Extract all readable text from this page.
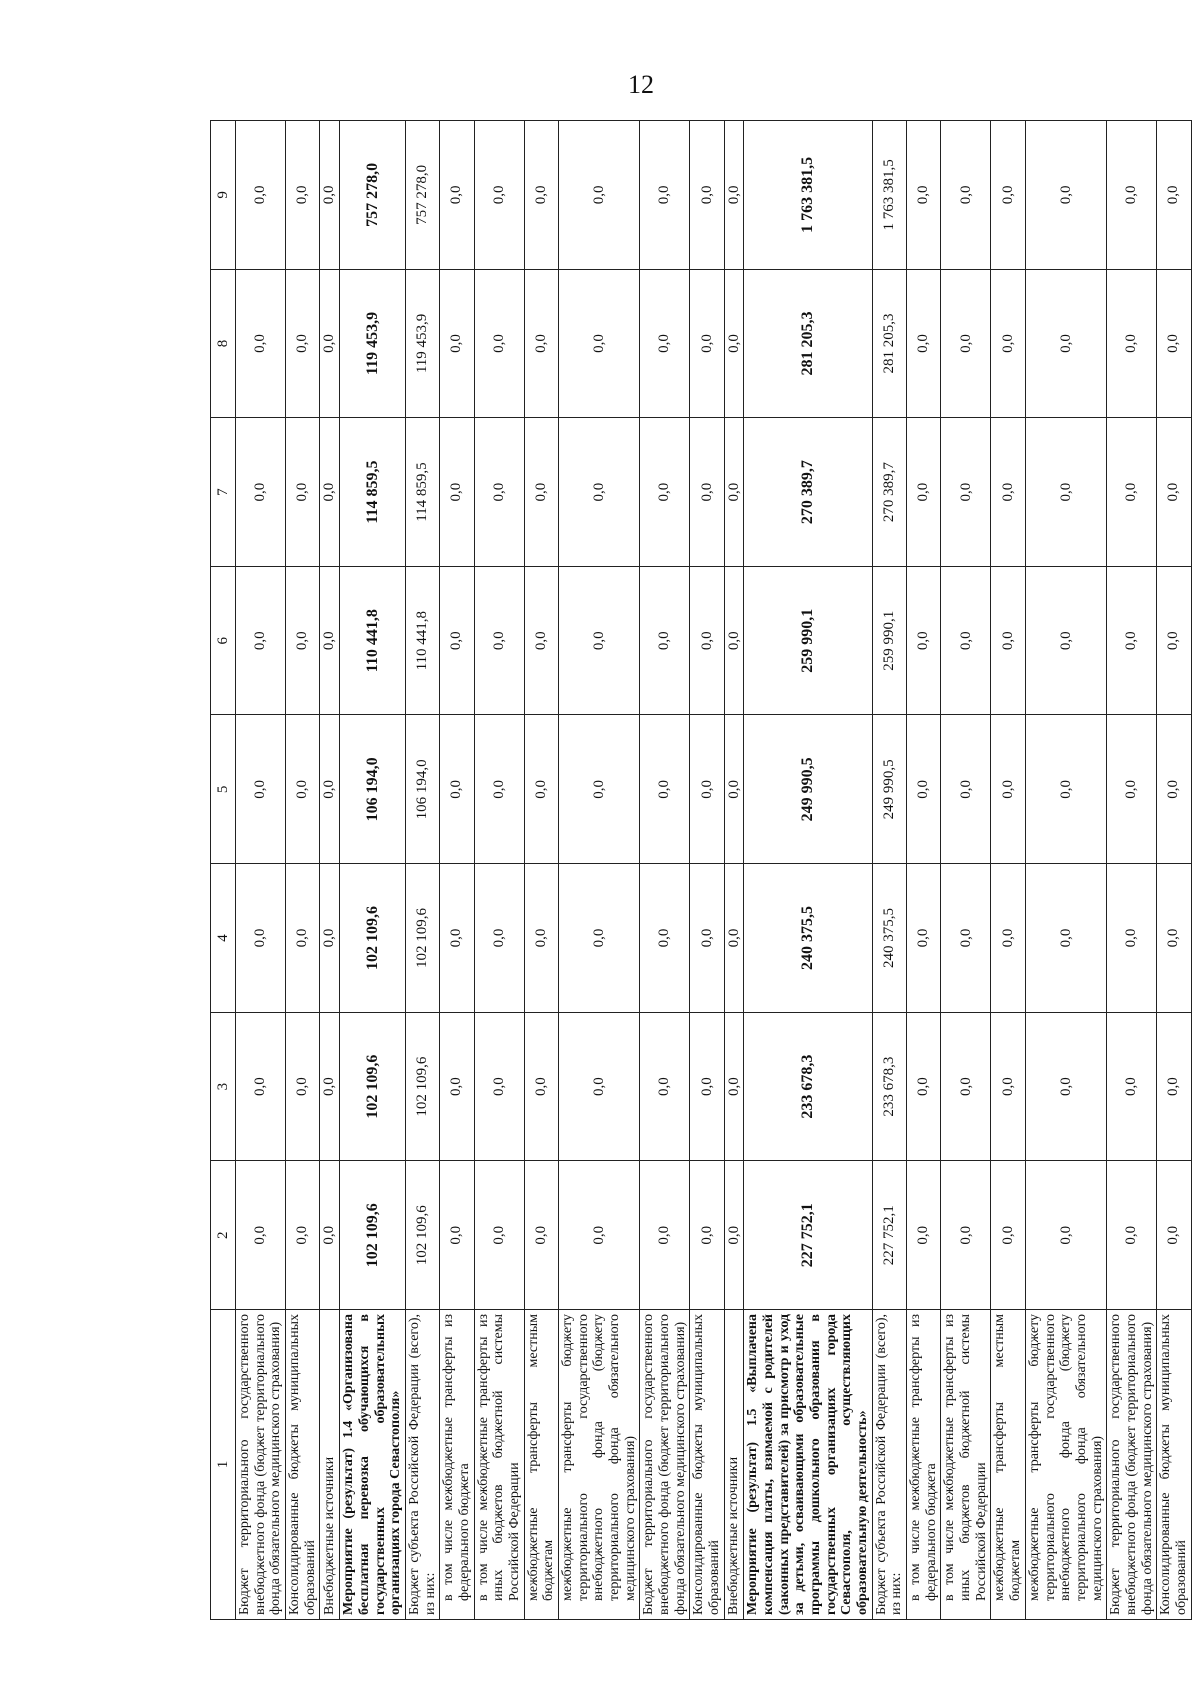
12
1	2	3	4	5	6	7	8	9
Бюджет территориального государственного внебюджетного фонда (бюджет территориального фонда обязательного медицинского страхования)	0,0	0,0	0,0	0,0	0,0	0,0	0,0	0,0
Консолидированные бюджеты муниципальных образований	0,0	0,0	0,0	0,0	0,0	0,0	0,0	0,0
Внебюджетные источники	0,0	0,0	0,0	0,0	0,0	0,0	0,0	0,0
Мероприятие (результат) 1.4 «Организована бесплатная перевозка обучающихся в государственных образовательных организациях города Севастополя»	102 109,6	102 109,6	102 109,6	106 194,0	110 441,8	114 859,5	119 453,9	757 278,0
Бюджет субъекта Российской Федерации (всего), из них:	102 109,6	102 109,6	102 109,6	106 194,0	110 441,8	114 859,5	119 453,9	757 278,0
в том числе межбюджетные трансферты из федерального бюджета	0,0	0,0	0,0	0,0	0,0	0,0	0,0	0,0
в том числе межбюджетные трансферты из иных бюджетов бюджетной системы Российской Федерации	0,0	0,0	0,0	0,0	0,0	0,0	0,0	0,0
межбюджетные трансферты местным бюджетам	0,0	0,0	0,0	0,0	0,0	0,0	0,0	0,0
межбюджетные трансферты бюджету территориального государственного внебюджетного фонда (бюджету территориального фонда обязательного медицинского страхования)	0,0	0,0	0,0	0,0	0,0	0,0	0,0	0,0
Бюджет территориального государственного внебюджетного фонда (бюджет территориального фонда обязательного медицинского страхования)	0,0	0,0	0,0	0,0	0,0	0,0	0,0	0,0
Консолидированные бюджеты муниципальных образований	0,0	0,0	0,0	0,0	0,0	0,0	0,0	0,0
Внебюджетные источники	0,0	0,0	0,0	0,0	0,0	0,0	0,0	0,0
Мероприятие (результат) 1.5 «Выплачена компенсация платы, взимаемой с родителей (законных представителей) за присмотр и уход за детьми, осваивающими образовательные программы дошкольного образования в государственных организациях города Севастополя, осуществляющих образовательную деятельность»	227 752,1	233 678,3	240 375,5	249 990,5	259 990,1	270 389,7	281 205,3	1 763 381,5
Бюджет субъекта Российской Федерации (всего), из них:	227 752,1	233 678,3	240 375,5	249 990,5	259 990,1	270 389,7	281 205,3	1 763 381,5
в том числе межбюджетные трансферты из федерального бюджета	0,0	0,0	0,0	0,0	0,0	0,0	0,0	0,0
в том числе межбюджетные трансферты из иных бюджетов бюджетной системы Российской Федерации	0,0	0,0	0,0	0,0	0,0	0,0	0,0	0,0
межбюджетные трансферты местным бюджетам	0,0	0,0	0,0	0,0	0,0	0,0	0,0	0,0
межбюджетные трансферты бюджету территориального государственного внебюджетного фонда (бюджету территориального фонда обязательного медицинского страхования)	0,0	0,0	0,0	0,0	0,0	0,0	0,0	0,0
Бюджет территориального государственного внебюджетного фонда (бюджет территориального фонда обязательного медицинского страхования)	0,0	0,0	0,0	0,0	0,0	0,0	0,0	0,0
Консолидированные бюджеты муниципальных образований	0,0	0,0	0,0	0,0	0,0	0,0	0,0	0,0
